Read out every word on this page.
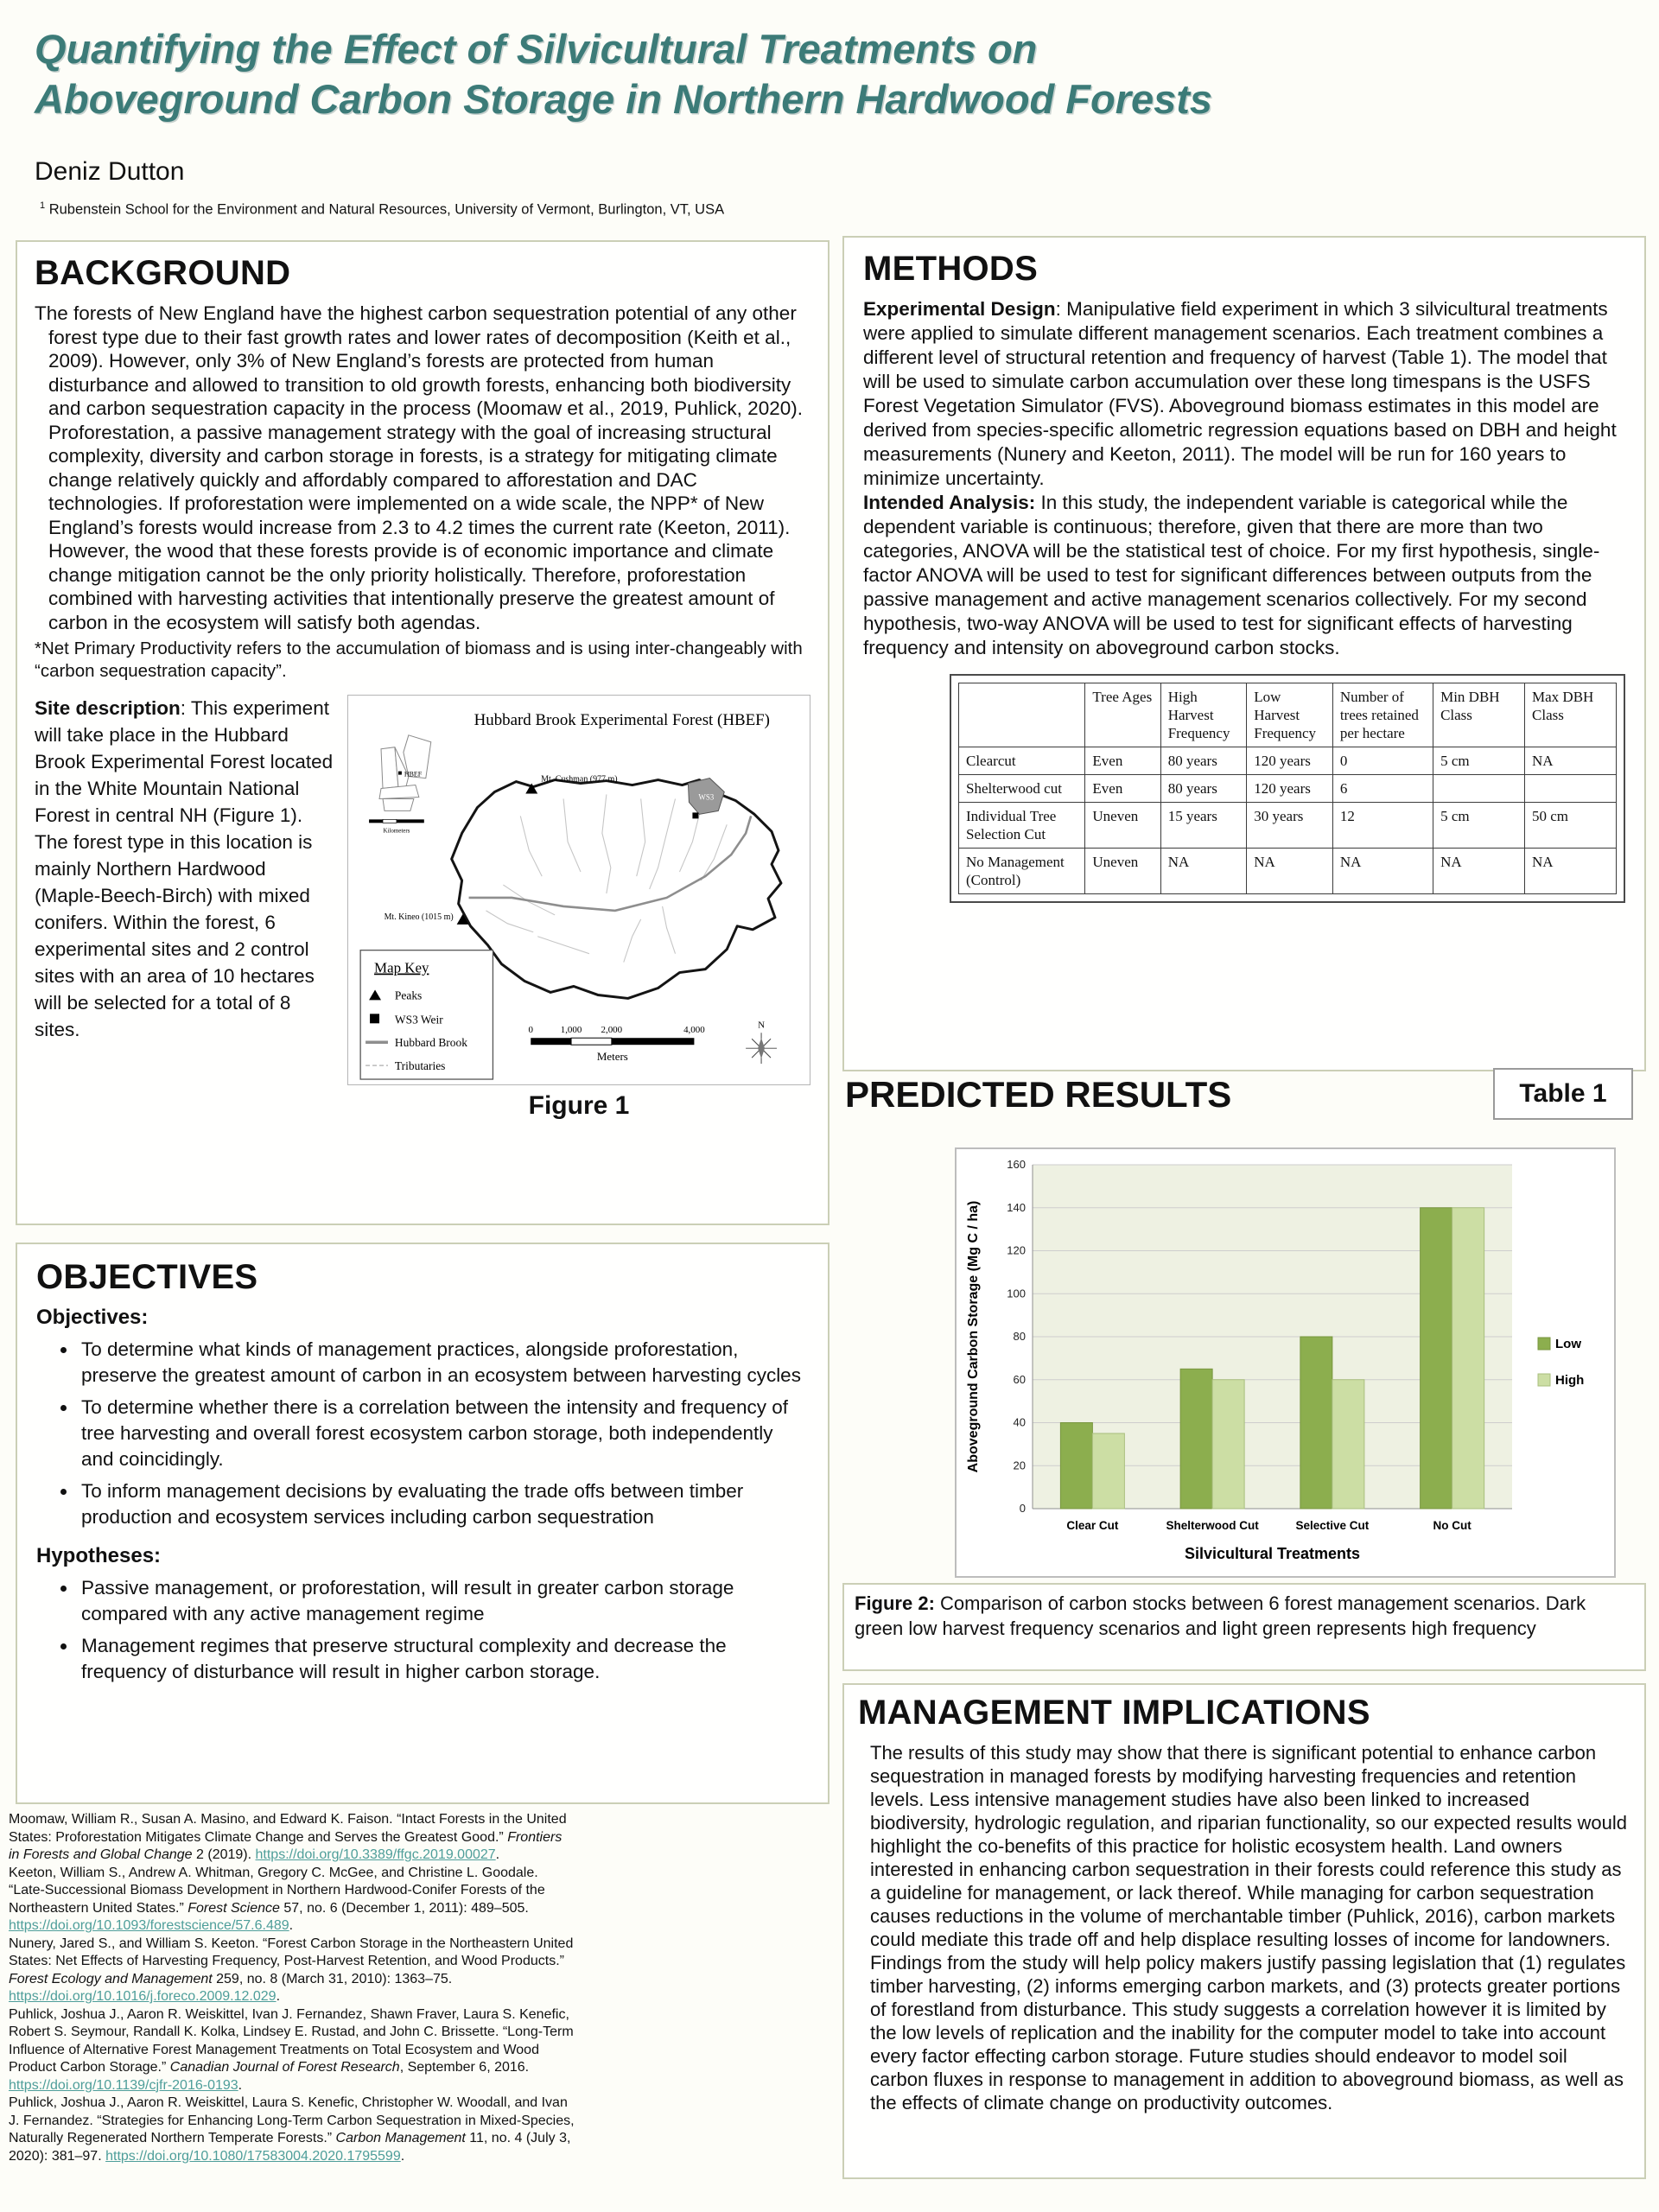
Quantifying the Effect of Silvicultural Treatments on
Aboveground Carbon Storage in Northern Hardwood Forests
Deniz Dutton
$^1$ Rubenstein School for the Environment and Natural Resources, University of Vermont, Burlington, VT, USA
BACKGROUND

The forests of New England have the highest carbon sequestration potential of any other forest type due to their fast growth rates and lower rates of decomposition (Keith et al., 2009). However, only 3% of New England’s forests are protected from human disturbance and allowed to transition to old growth forests, enhancing both biodiversity and carbon sequestration capacity in the process (Moomaw et al., 2019, Puhlick, 2020). Proforestation, a passive management strategy with the goal of increasing structural complexity, diversity and carbon storage in forests, is a strategy for mitigating climate change relatively quickly and affordably compared to afforestation and DAC technologies. If proforestation were implemented on a wide scale, the NPP* of New England’s forests would increase from 2.3 to 4.2 times the current rate (Keeton, 2011). However, the wood that these forests provide is of economic importance and climate change mitigation cannot be the only priority holistically. Therefore, proforestation combined with harvesting activities that intentionally preserve the greatest amount of carbon in the ecosystem will satisfy both agendas.

*Net Primary Productivity refers to the accumulation of biomass and is using inter-changeably with “carbon sequestration capacity”.

Site description: This experiment will take place in the Hubbard Brook Experimental Forest located in the White Mountain National Forest in central NH (Figure 1). The forest type in this location is mainly Northern Hardwood (Maple-Beech-Birch) with mixed conifers. Within the forest, 6 experimental sites and 2 control sites with an area of 10 hectares will be selected for a total of 8 sites.
Hubbard Brook Experimental Forest (HBEF)
HBEF
Kilometers
WS3
Mt. Cushman (977 m)
Mt. Kineo (1015 m)
Map Key
Peaks
WS3 Weir
Hubbard Brook
Tributaries
0	1,000 2,000	4,000
Meters
N
Figure 1
OBJECTIVES
Objectives:
• To determine what kinds of management practices, alongside proforestation, preserve the greatest amount of carbon in an ecosystem between harvesting cycles
• To determine whether there is a correlation between the intensity and frequency of tree harvesting and overall forest ecosystem carbon storage, both independently and coincidingly.
• To inform management decisions by evaluating the trade offs between timber production and ecosystem services including carbon sequestration
Hypotheses:
• Passive management, or proforestation, will result in greater carbon storage compared with any active management regime
• Management regimes that preserve structural complexity and decrease the frequency of disturbance will result in higher carbon storage.
Moomaw, William R., Susan A. Masino, and Edward K. Faison. “Intact Forests in the United States: Proforestation Mitigates Climate Change and Serves the Greatest Good.” Frontiers in Forests and Global Change 2 (2019). https://doi.org/10.3389/ffgc.2019.00027.
Keeton, William S., Andrew A. Whitman, Gregory C. McGee, and Christine L. Goodale. “Late-Successional Biomass Development in Northern Hardwood-Conifer Forests of the Northeastern United States.” Forest Science 57, no. 6 (December 1, 2011): 489–505. https://doi.org/10.1093/forestscience/57.6.489.
Nunery, Jared S., and William S. Keeton. “Forest Carbon Storage in the Northeastern United States: Net Effects of Harvesting Frequency, Post-Harvest Retention, and Wood Products.” Forest Ecology and Management 259, no. 8 (March 31, 2010): 1363–75. https://doi.org/10.1016/j.foreco.2009.12.029.
Puhlick, Joshua J., Aaron R. Weiskittel, Ivan J. Fernandez, Shawn Fraver, Laura S. Kenefic, Robert S. Seymour, Randall K. Kolka, Lindsey E. Rustad, and John C. Brissette. “Long-Term Influence of Alternative Forest Management Treatments on Total Ecosystem and Wood Product Carbon Storage.” Canadian Journal of Forest Research, September 6, 2016. https://doi.org/10.1139/cjfr-2016-0193.
Puhlick, Joshua J., Aaron R. Weiskittel, Laura S. Kenefic, Christopher W. Woodall, and Ivan J. Fernandez. “Strategies for Enhancing Long-Term Carbon Sequestration in Mixed-Species, Naturally Regenerated Northern Temperate Forests.” Carbon Management 11, no. 4 (July 3, 2020): 381–97. https://doi.org/10.1080/17583004.2020.1795599.
METHODS

Experimental Design: Manipulative field experiment in which 3 silvicultural treatments were applied to simulate different management scenarios. Each treatment combines a different level of structural retention and frequency of harvest (Table 1). The model that will be used to simulate carbon accumulation over these long timespans is the USFS Forest Vegetation Simulator (FVS). Aboveground biomass estimates in this model are derived from species-specific allometric regression equations based on DBH and height measurements (Nunery and Keeton, 2011). The model will be run for 160 years to minimize uncertainty.

Intended Analysis: In this study, the independent variable is categorical while the dependent variable is continuous; therefore, given that there are more than two categories, ANOVA will be the statistical test of choice. For my first hypothesis, single-factor ANOVA will be used to test for significant differences between outputs from the passive management and active management scenarios collectively. For my second hypothesis, two-way ANOVA will be used to test for significant effects of harvesting frequency and intensity on aboveground carbon stocks.

	Tree Ages	High Harvest Frequency	Low Harvest Frequency	Number of trees retained per hectare	Min DBH Class	Max DBH Class
Clearcut	Even	80 years	120 years	0	5 cm	NA
Shelterwood cut	Even	80 years	120 years	6		
Individual Tree Selection Cut	Uneven	15 years	30 years	12	5 cm	50 cm
No Management (Control)	Uneven	NA	NA	NA	NA	NA
PREDICTED RESULTS	Table 1
0
20
40
60
80
100
120
140
160
Clear Cut	Shelterwood Cut	Selective Cut	No Cut
Silvicultural Treatments
Aboveground Carbon Storage (Mg C / ha)	Low
High
Figure 2: Comparison of carbon stocks between 6 forest management scenarios. Dark green low harvest frequency scenarios and light green represents high frequency
MANAGEMENT IMPLICATIONS

The results of this study may show that there is significant potential to enhance carbon sequestration in managed forests by modifying harvesting frequencies and retention levels. Less intensive management studies have also been linked to increased biodiversity, hydrologic regulation, and riparian functionality, so our expected results would highlight the co-benefits of this practice for holistic ecosystem health. Land owners interested in enhancing carbon sequestration in their forests could reference this study as a guideline for management, or lack thereof. While managing for carbon sequestration causes reductions in the volume of merchantable timber (Puhlick, 2016), carbon markets could mediate this trade off and help displace resulting losses of income for landowners. Findings from the study will help policy makers justify passing legislation that (1) regulates timber harvesting, (2) informs emerging carbon markets, and (3) protects greater portions of forestland from disturbance. This study suggests a correlation however it is limited by the low levels of replication and the inability for the computer model to take into account every factor effecting carbon storage. Future studies should endeavor to model soil carbon fluxes in response to management in addition to aboveground biomass, as well as the effects of climate change on productivity outcomes.
